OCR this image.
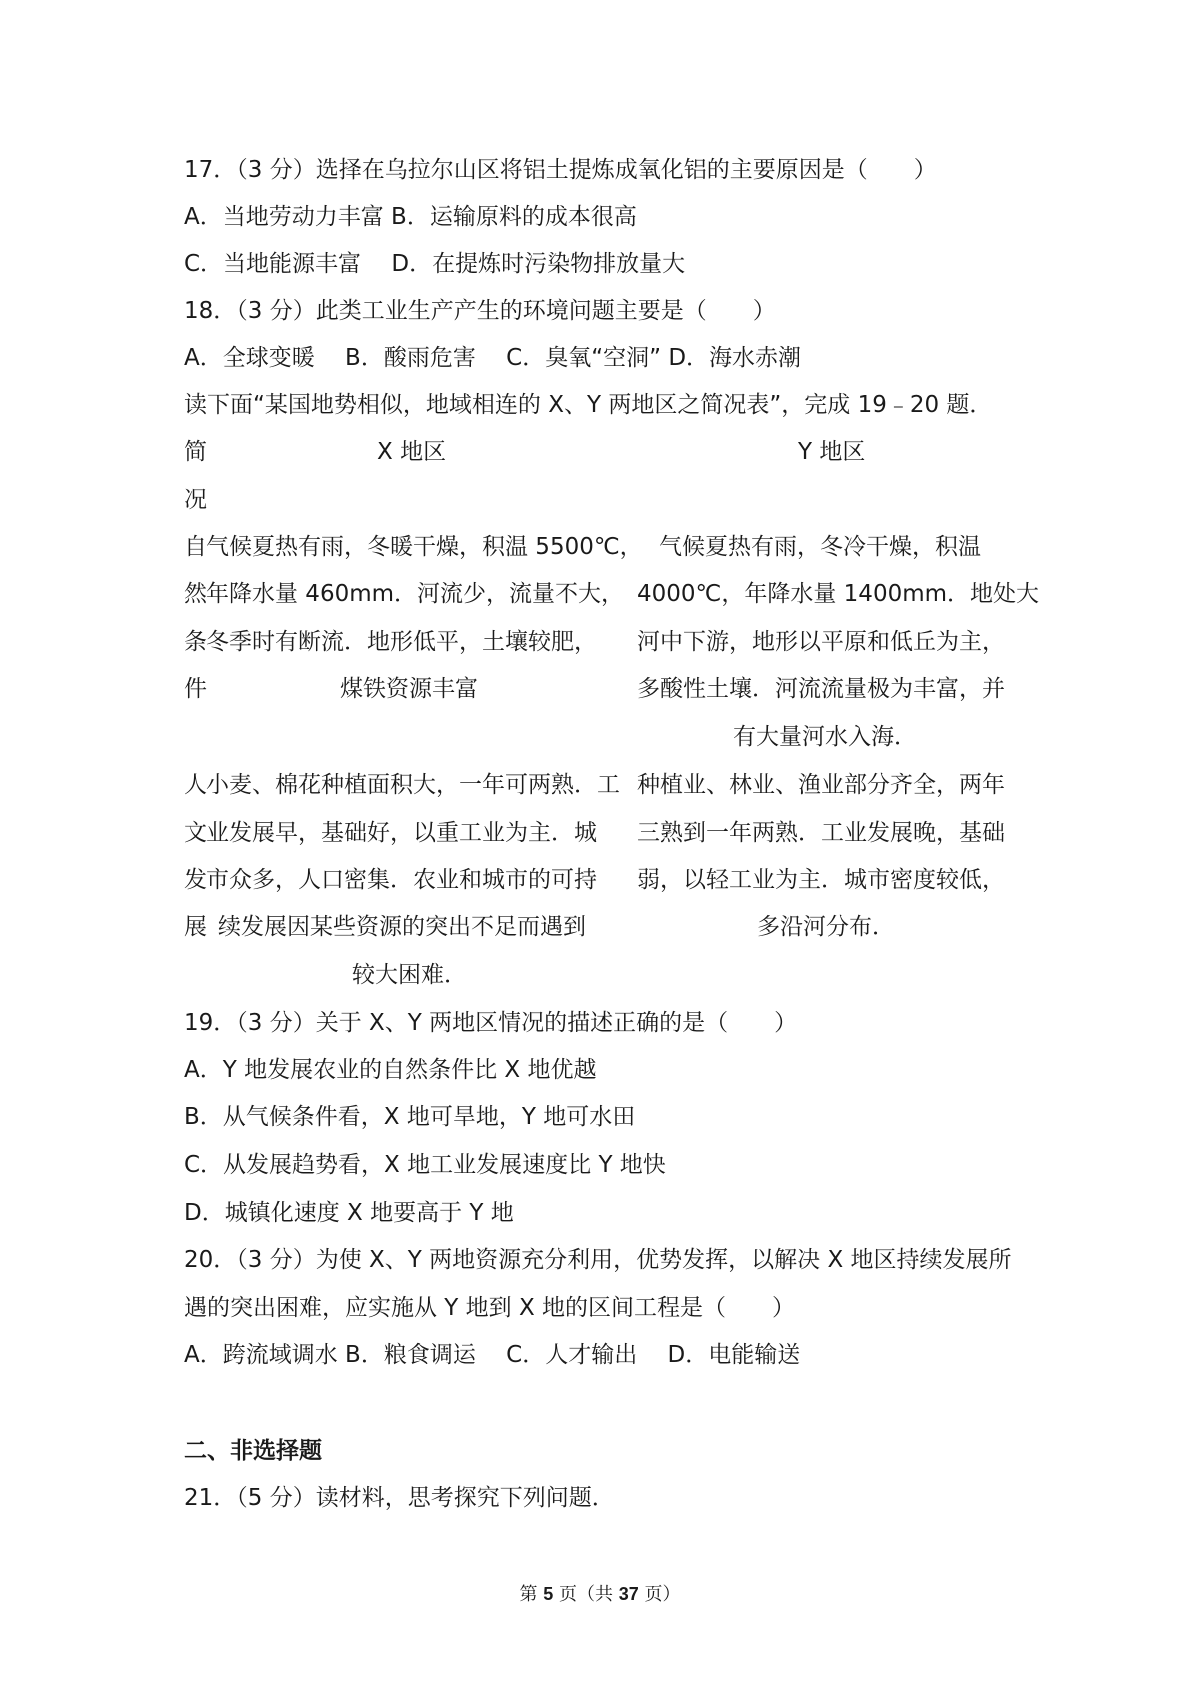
17．（3 分）选择在乌拉尔山区将铝土提炼成氧化铝的主要原因是（　　）
A．当地劳动力丰富 B．运输原料的成本很高
C．当地能源丰富　 D．在提炼时污染物排放量大
18．（3 分）此类工业生产产生的环境问题主要是（　　）
A．全球变暖　 B．酸雨危害　 C．臭氧“空洞” D．海水赤潮
读下面“某国地势相似，地域相连的 X、Y 两地区之简况表”，完成 19﹣20 题．
简
况
自
然
条
件
人
文
发
展
X 地区	Y 地区
气候夏热有雨，冬暖干燥，积温 5500℃，
年降水量 460mm．河流少，流量不大，
冬季时有断流．地形低平，土壤较肥，
煤铁资源丰富
气候夏热有雨，冬冷干燥，积温
4000℃，年降水量 1400mm．地处大
河中下游，地形以平原和低丘为主，
多酸性土壤．河流流量极为丰富，并
有大量河水入海．
小麦、棉花种植面积大，一年可两熟．工
业发展早，基础好，以重工业为主．城
市众多，人口密集．农业和城市的可持
续发展因某些资源的突出不足而遇到
较大困难．
种植业、林业、渔业部分齐全，两年
三熟到一年两熟．工业发展晚，基础
弱，以轻工业为主．城市密度较低，
多沿河分布．
19．（3 分）关于 X、Y 两地区情况的描述正确的是（　　）
A．Y 地发展农业的自然条件比 X 地优越
B．从气候条件看，X 地可旱地，Y 地可水田
C．从发展趋势看，X 地工业发展速度比 Y 地快
D．城镇化速度 X 地要高于 Y 地
20．（3 分）为使 X、Y 两地资源充分利用，优势发挥，以解决 X 地区持续发展所
遇的突出困难，应实施从 Y 地到 X 地的区间工程是（　　）
A．跨流域调水 B．粮食调运　 C．人才输出　 D．电能输送
二、非选择题
21．（5 分）读材料，思考探究下列问题．
第 5 页（共 37 页）
